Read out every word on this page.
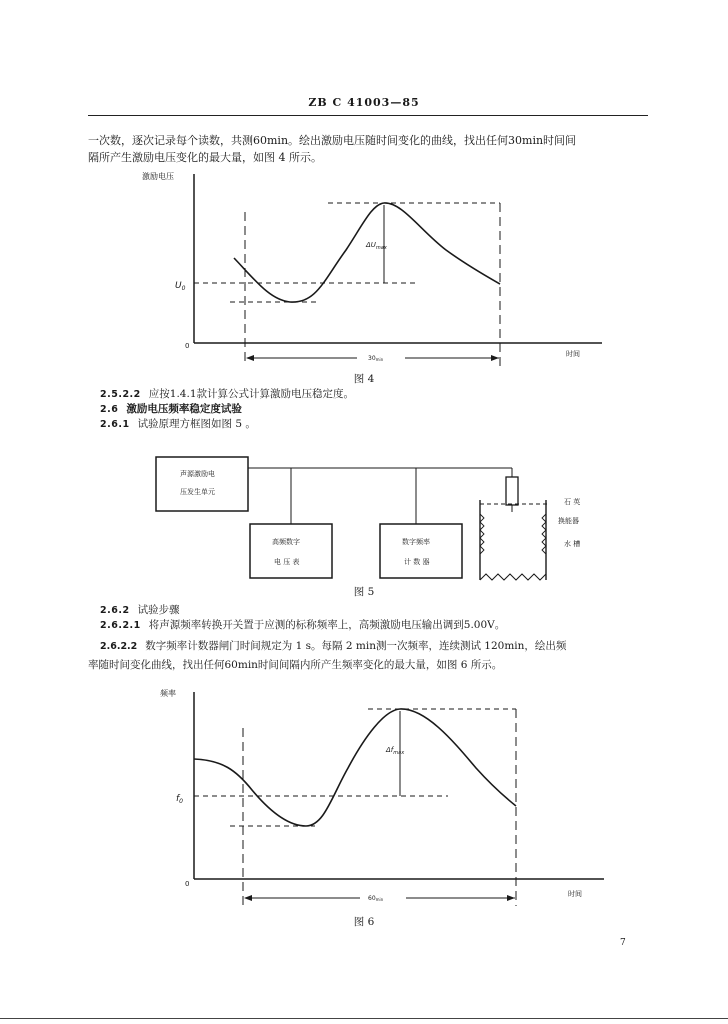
ZB C 41003—85
一次数，逐次记录每个读数，共测60min。绘出激励电压随时间变化的曲线，找出任何30min时间间
隔所产生激励电压变化的最大量，如图 4 所示。
激励电压
0
$U_0$
$\Delta U_{max}$
30min
时间
图 4
2.5.2.2 应按1.4.1款计算公式计算激励电压稳定度。
2.6 激励电压频率稳定度试验
2.6.1 试验原理方框图如图 5 。
声源激励电
压发生单元
高频数字
电 压 表
数字频率
计 数 器
石 英
换能器
水 槽
图 5
2.6.2 试验步骤
2.6.2.1 将声源频率转换开关置于应测的标称频率上，高频激励电压输出调到5.00V。
2.6.2.2 数字频率计数器闸门时间规定为 1 s。每隔 2 min测一次频率，连续测试 120min，绘出频
率随时间变化曲线，找出任何60min时间间隔内所产生频率变化的最大量，如图 6 所示。
频率
0
$f_0$
$\Delta f_{max}$
60min
时间
图 6
7
